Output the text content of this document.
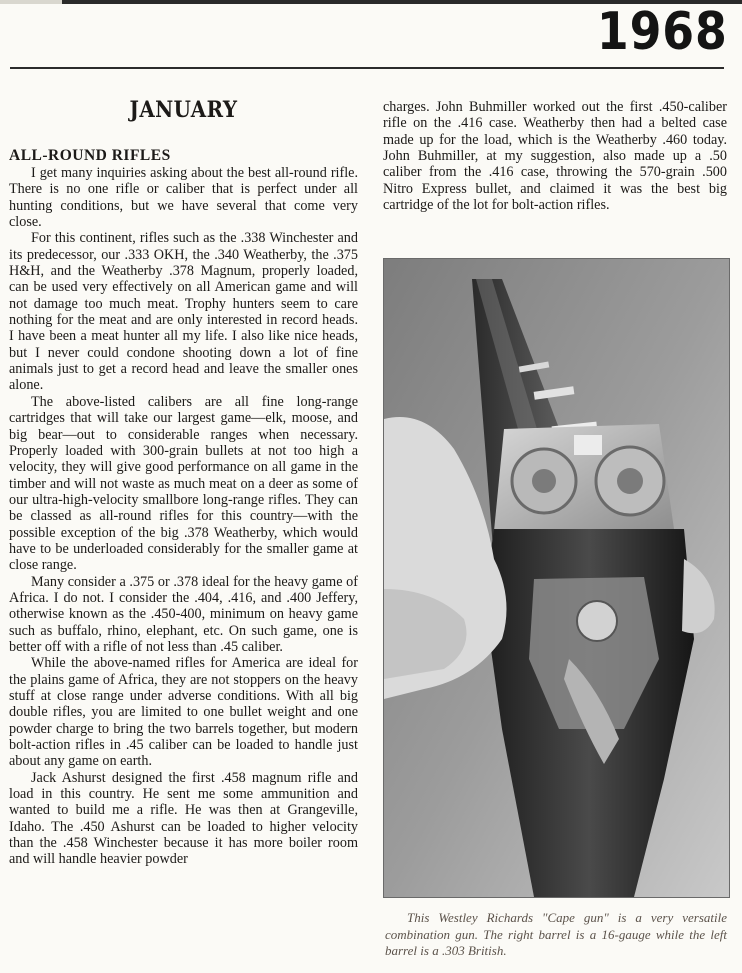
1968
JANUARY
ALL-ROUND RIFLES

I get many inquiries asking about the best all-round rifle. There is no one rifle or caliber that is perfect under all hunting conditions, but we have several that come very close.

For this continent, rifles such as the .338 Winchester and its predecessor, our .333 OKH, the .340 Weatherby, the .375 H&H, and the Weatherby .378 Magnum, properly loaded, can be used very effectively on all American game and will not damage too much meat. Trophy hunters seem to care nothing for the meat and are only interested in record heads. I have been a meat hunter all my life. I also like nice heads, but I never could condone shooting down a lot of fine animals just to get a record head and leave the smaller ones alone.

The above-listed calibers are all fine long-range cartridges that will take our largest game—elk, moose, and big bear—out to considerable ranges when necessary. Properly loaded with 300-grain bullets at not too high a velocity, they will give good performance on all game in the timber and will not waste as much meat on a deer as some of our ultra-high-velocity smallbore long-range rifles. They can be classed as all-round rifles for this country—with the possible exception of the big .378 Weatherby, which would have to be underloaded considerably for the smaller game at close range.

Many consider a .375 or .378 ideal for the heavy game of Africa. I do not. I consider the .404, .416, and .400 Jeffery, otherwise known as the .450-400, minimum on heavy game such as buffalo, rhino, elephant, etc. On such game, one is better off with a rifle of not less than .45 caliber.

While the above-named rifles for America are ideal for the plains game of Africa, they are not stoppers on the heavy stuff at close range under adverse conditions. With all big double rifles, you are limited to one bullet weight and one powder charge to bring the two barrels together, but modern bolt-action rifles in .45 caliber can be loaded to handle just about any game on earth.

Jack Ashurst designed the first .458 magnum rifle and load in this country. He sent me some ammunition and wanted to build me a rifle. He was then at Grangeville, Idaho. The .450 Ashurst can be loaded to higher velocity than the .458 Winchester because it has more boiler room and will handle heavier powder

charges. John Buhmiller worked out the first .450-caliber rifle on the .416 case. Weatherby then had a belted case made up for the load, which is the Weatherby .460 today. John Buhmiller, at my suggestion, also made up a .50 caliber from the .416 case, throwing the 570-grain .500 Nitro Express bullet, and claimed it was the best big cartridge of the lot for bolt-action rifles.

This Westley Richards "Cape gun" is a very versatile combination gun. The right barrel is a 16-gauge while the left barrel is a .303 British.
